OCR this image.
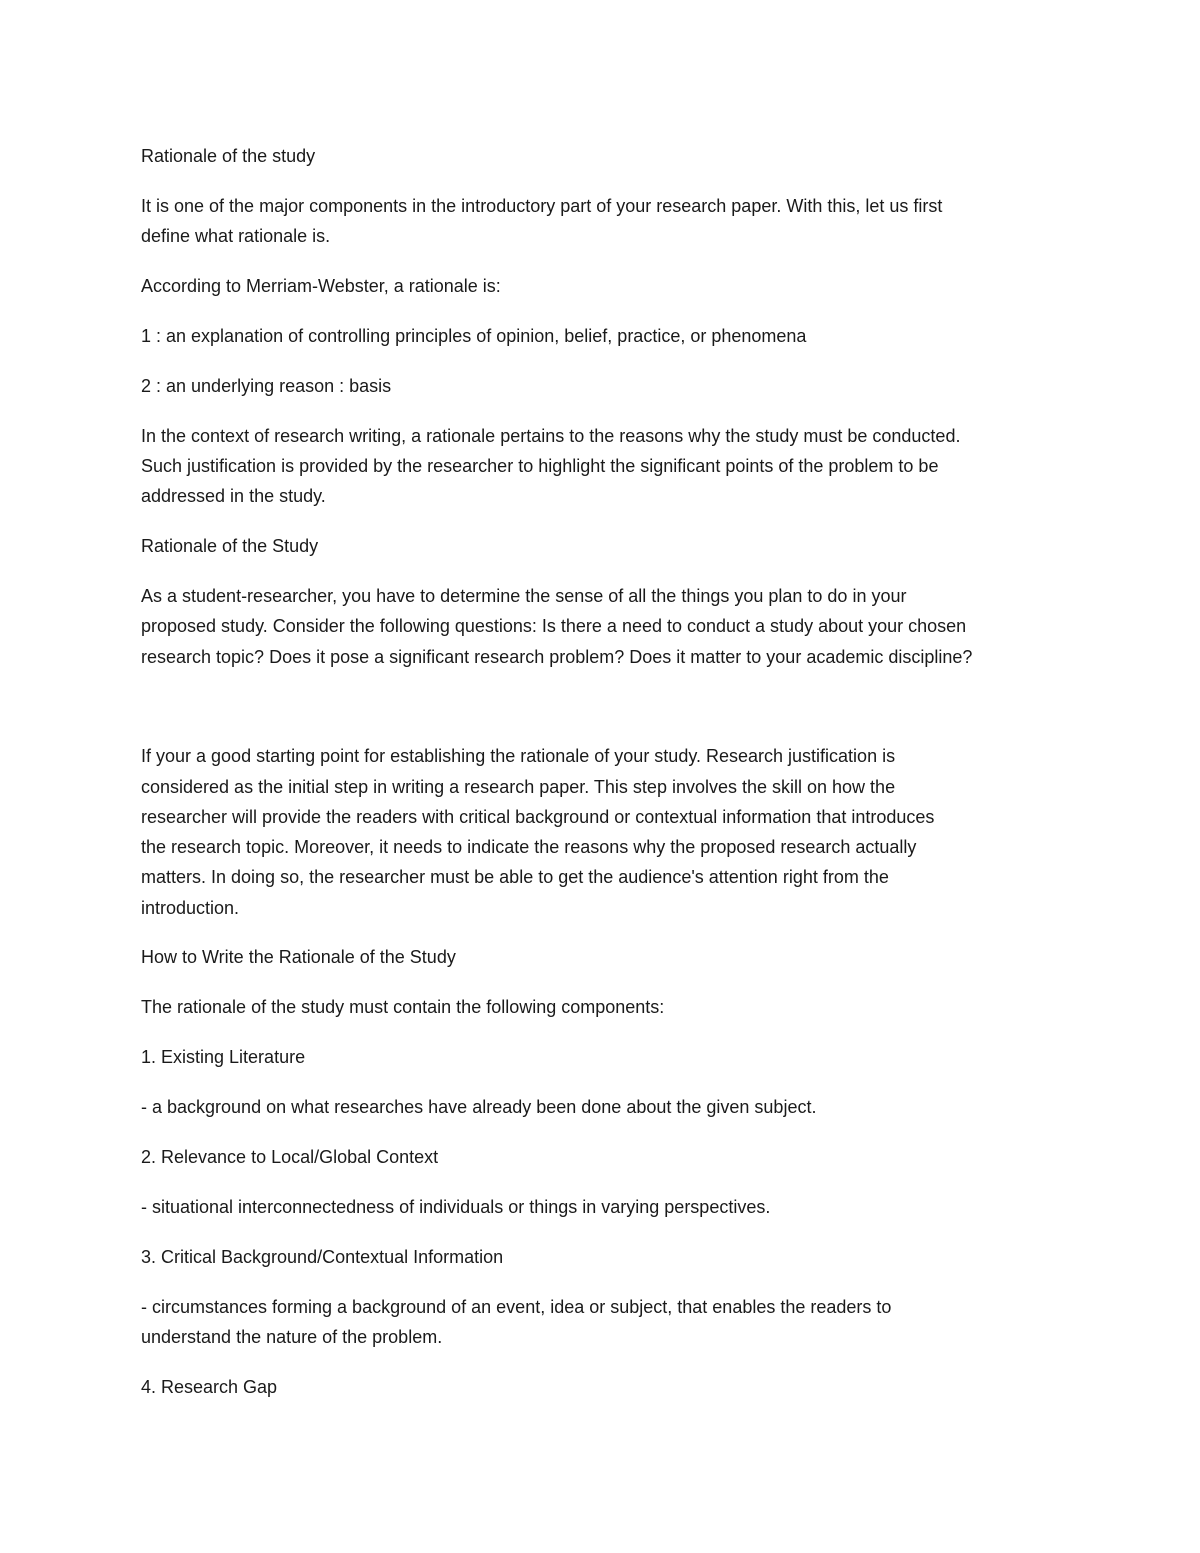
Rationale of the study
It is one of the major components in the introductory part of your research paper. With this, let us first
define what rationale is.
According to Merriam-Webster, a rationale is:
1 : an explanation of controlling principles of opinion, belief, practice, or phenomena
2 : an underlying reason : basis
In the context of research writing, a rationale pertains to the reasons why the study must be conducted.
Such justification is provided by the researcher to highlight the significant points of the problem to be
addressed in the study.
Rationale of the Study
As a student-researcher, you have to determine the sense of all the things you plan to do in your
proposed study. Consider the following questions: Is there a need to conduct a study about your chosen
research topic? Does it pose a significant research problem? Does it matter to your academic discipline?
If your a good starting point for establishing the rationale of your study. Research justification is
considered as the initial step in writing a research paper. This step involves the skill on how the
researcher will provide the readers with critical background or contextual information that introduces
the research topic. Moreover, it needs to indicate the reasons why the proposed research actually
matters. In doing so, the researcher must be able to get the audience's attention right from the
introduction.
How to Write the Rationale of the Study
The rationale of the study must contain the following components:
1. Existing Literature
- a background on what researches have already been done about the given subject.
2. Relevance to Local/Global Context
- situational interconnectedness of individuals or things in varying perspectives.
3. Critical Background/Contextual Information
- circumstances forming a background of an event, idea or subject, that enables the readers to
understand the nature of the problem.
4. Research Gap
